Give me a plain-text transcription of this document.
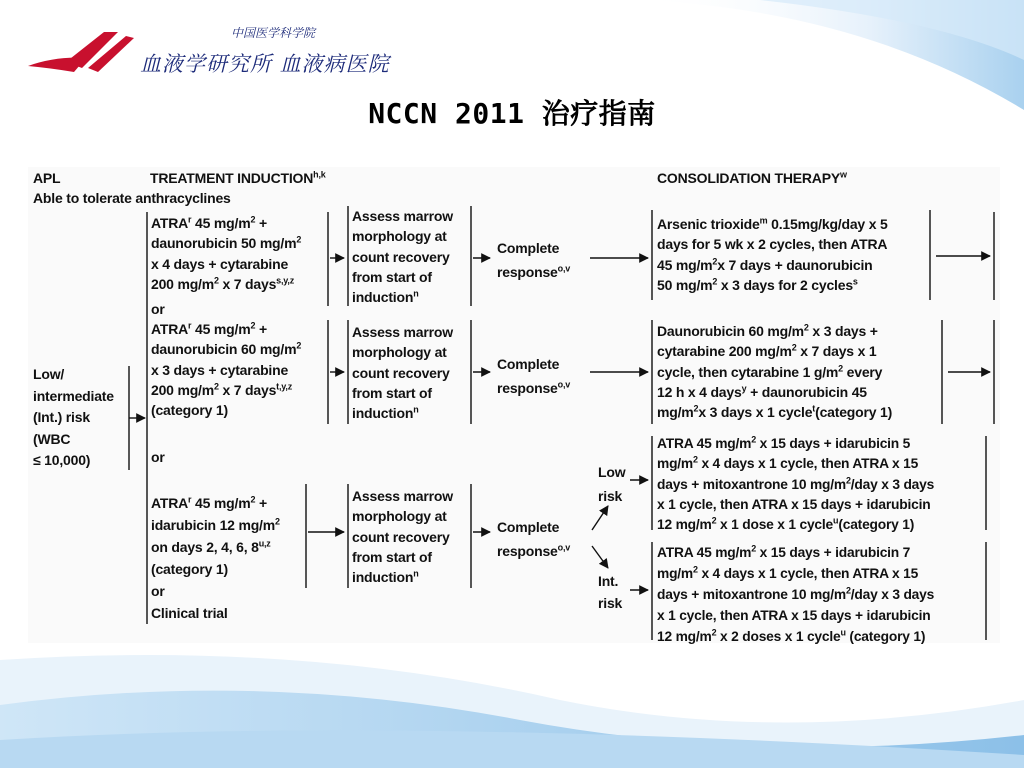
中国医学科学院
血液学研究所 血液病医院
NCCN 2011 治疗指南
APL
Able to tolerate anthracyclines
TREATMENT INDUCTION$^{h,k}$	CONSOLIDATION THERAPY$^w$
Low/
intermediate
(Int.) risk
(WBC
≤ 10,000)
ATRA$^r$ 45 $mg/m^2$ +
daunorubicin 50 $mg/m^2$
x 4 days + cytarabine
200 $mg/m^2$ x 7 days$^{s,y,z}$
or
ATRA$^r$ 45 $mg/m^2$ +
daunorubicin 60 $mg/m^2$
x 3 days + cytarabine
200 $mg/m^2$ x 7 days$^{t,y,z}$
(category 1)
or
ATRA$^r$ 45 $mg/m^2$ +
idarubicin 12 $mg/m^2$
on days 2, 4, 6, 8$^{u,z}$
(category 1)
or
Clinical trial
Assess marrow
morphology at
count recovery
from start of
induction$^n$
Assess marrow
morphology at
count recovery
from start of
induction$^n$
Assess marrow
morphology at
count recovery
from start of
induction$^n$
Complete
response$^{o,v}$
Complete
response$^{o,v}$
Complete
response$^{o,v}$
Low
risk
Int.
risk
Arsenic trioxide$^m$ 0.15mg/kg/day x 5
days for 5 wk x 2 cycles, then ATRA
45 $mg/m^2x$ 7 days + daunorubicin
50 $mg/m^2$ x 3 days for 2 cycles$^s$
Daunorubicin 60 $mg/m^2$ x 3 days +
cytarabine 200 $mg/m^2$ x 7 days x 1
cycle, then cytarabine 1 $g/m^2$ every
12 h x 4 days$^y$ + daunorubicin 45
$mg/m^2x$ 3 days x 1 cycle$^t$(category 1)
ATRA 45 $mg/m^2$ x 15 days + idarubicin 5
$mg/m^2$ x 4 days x 1 cycle, then ATRA x 15
days + mitoxantrone 10 $mg/m^2$/day x 3 days
x 1 cycle, then ATRA x 15 days + idarubicin
12 $mg/m^2$ x 1 dose x 1 cycle$^u$(category 1)
ATRA 45 $mg/m^2$ x 15 days + idarubicin 7
$mg/m^2$ x 4 days x 1 cycle, then ATRA x 15
days + mitoxantrone 10 $mg/m^2$/day x 3 days
x 1 cycle, then ATRA x 15 days + idarubicin
12 $mg/m^2$ x 2 doses x 1 cycle$^u$ (category 1)
